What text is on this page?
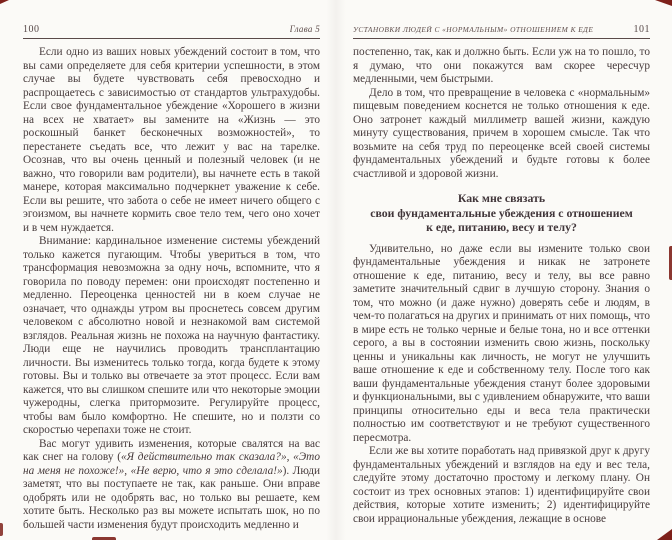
100	Глава 5

Если одно из ваших новых убеждений состоит в том, что вы сами определяете для себя критерии успешности, в этом случае вы будете чувствовать себя превосходно и распрощаетесь с зависимостью от стандартов ультрахудобы. Если свое фундаментальное убеждение «Хорошего в жизни на всех не хватает» вы замените на «Жизнь — это роскошный банкет бесконечных возможностей», то перестанете съедать все, что лежит у вас на тарелке. Осознав, что вы очень ценный и полезный человек (и не важно, что говорили вам родители), вы начнете есть в такой манере, которая максимально подчеркнет уважение к себе. Если вы решите, что забота о себе не имеет ничего общего с эгоизмом, вы начнете кормить свое тело тем, чего оно хочет и в чем нуждается.

Внимание: кардинальное изменение системы убеждений только кажется пугающим. Чтобы увериться в том, что трансформация невозможна за одну ночь, вспомните, что я говорила по поводу перемен: они происходят постепенно и медленно. Переоценка ценностей ни в коем случае не означает, что однажды утром вы проснетесь совсем другим человеком с абсолютно новой и незнакомой вам системой взглядов. Реальная жизнь не похожа на научную фантастику. Люди еще не научились проводить трансплантацию личности. Вы изменитесь только тогда, когда будете к этому готовы. Вы и только вы отвечаете за этот процесс. Если вам кажется, что вы слишком спешите или что некоторые эмоции чужеродны, слегка притормозите. Регулируйте процесс, чтобы вам было комфортно. Не спешите, но и ползти со скоростью черепахи тоже не стоит.

Вас могут удивить изменения, которые свалятся на вас как снег на голову («Я действительно так сказала?», «Это на меня не похоже!», «Не верю, что я это сделала!»). Люди заметят, что вы поступаете не так, как раньше. Они вправе одобрять или не одобрять вас, но только вы решаете, кем хотите быть. Несколько раз вы можете испытать шок, но по большей части изменения будут происходить медленно и

УСТАНОВКИ ЛЮДЕЙ С «НОРМАЛЬНЫМ» ОТНОШЕНИЕМ К ЕДЕ	101

постепенно, так, как и должно быть. Если уж на то пошло, то я думаю, что они покажутся вам скорее чересчур медленными, чем быстрыми.

Дело в том, что превращение в человека с «нормальным» пищевым поведением коснется не только отношения к еде. Оно затронет каждый миллиметр вашей жизни, каждую минуту существования, причем в хорошем смысле. Так что возьмите на себя труд по переоценке всей своей системы фундаментальных убеждений и будьте готовы к более счастливой и здоровой жизни.

Как мне связать
свои фундаментальные убеждения с отношением
к еде, питанию, весу и телу?

Удивительно, но даже если вы измените только свои фундаментальные убеждения и никак не затронете отношение к еде, питанию, весу и телу, вы все равно заметите значительный сдвиг в лучшую сторону. Знания о том, что можно (и даже нужно) доверять себе и людям, в чем-то полагаться на других и принимать от них помощь, что в мире есть не только черные и белые тона, но и все оттенки серого, а вы в состоянии изменить свою жизнь, поскольку ценны и уникальны как личность, не могут не улучшить ваше отношение к еде и собственному телу. После того как ваши фундаментальные убеждения станут более здоровыми и функциональными, вы с удивлением обнаружите, что ваши принципы относительно еды и веса тела практически полностью им соответствуют и не требуют существенного пересмотра.

Если же вы хотите поработать над привязкой друг к другу фундаментальных убеждений и взглядов на еду и вес тела, следуйте этому достаточно простому и легкому плану. Он состоит из трех основных этапов: 1) идентифицируйте свои действия, которые хотите изменить; 2) идентифицируйте свои иррациональные убеждения, лежащие в основе
